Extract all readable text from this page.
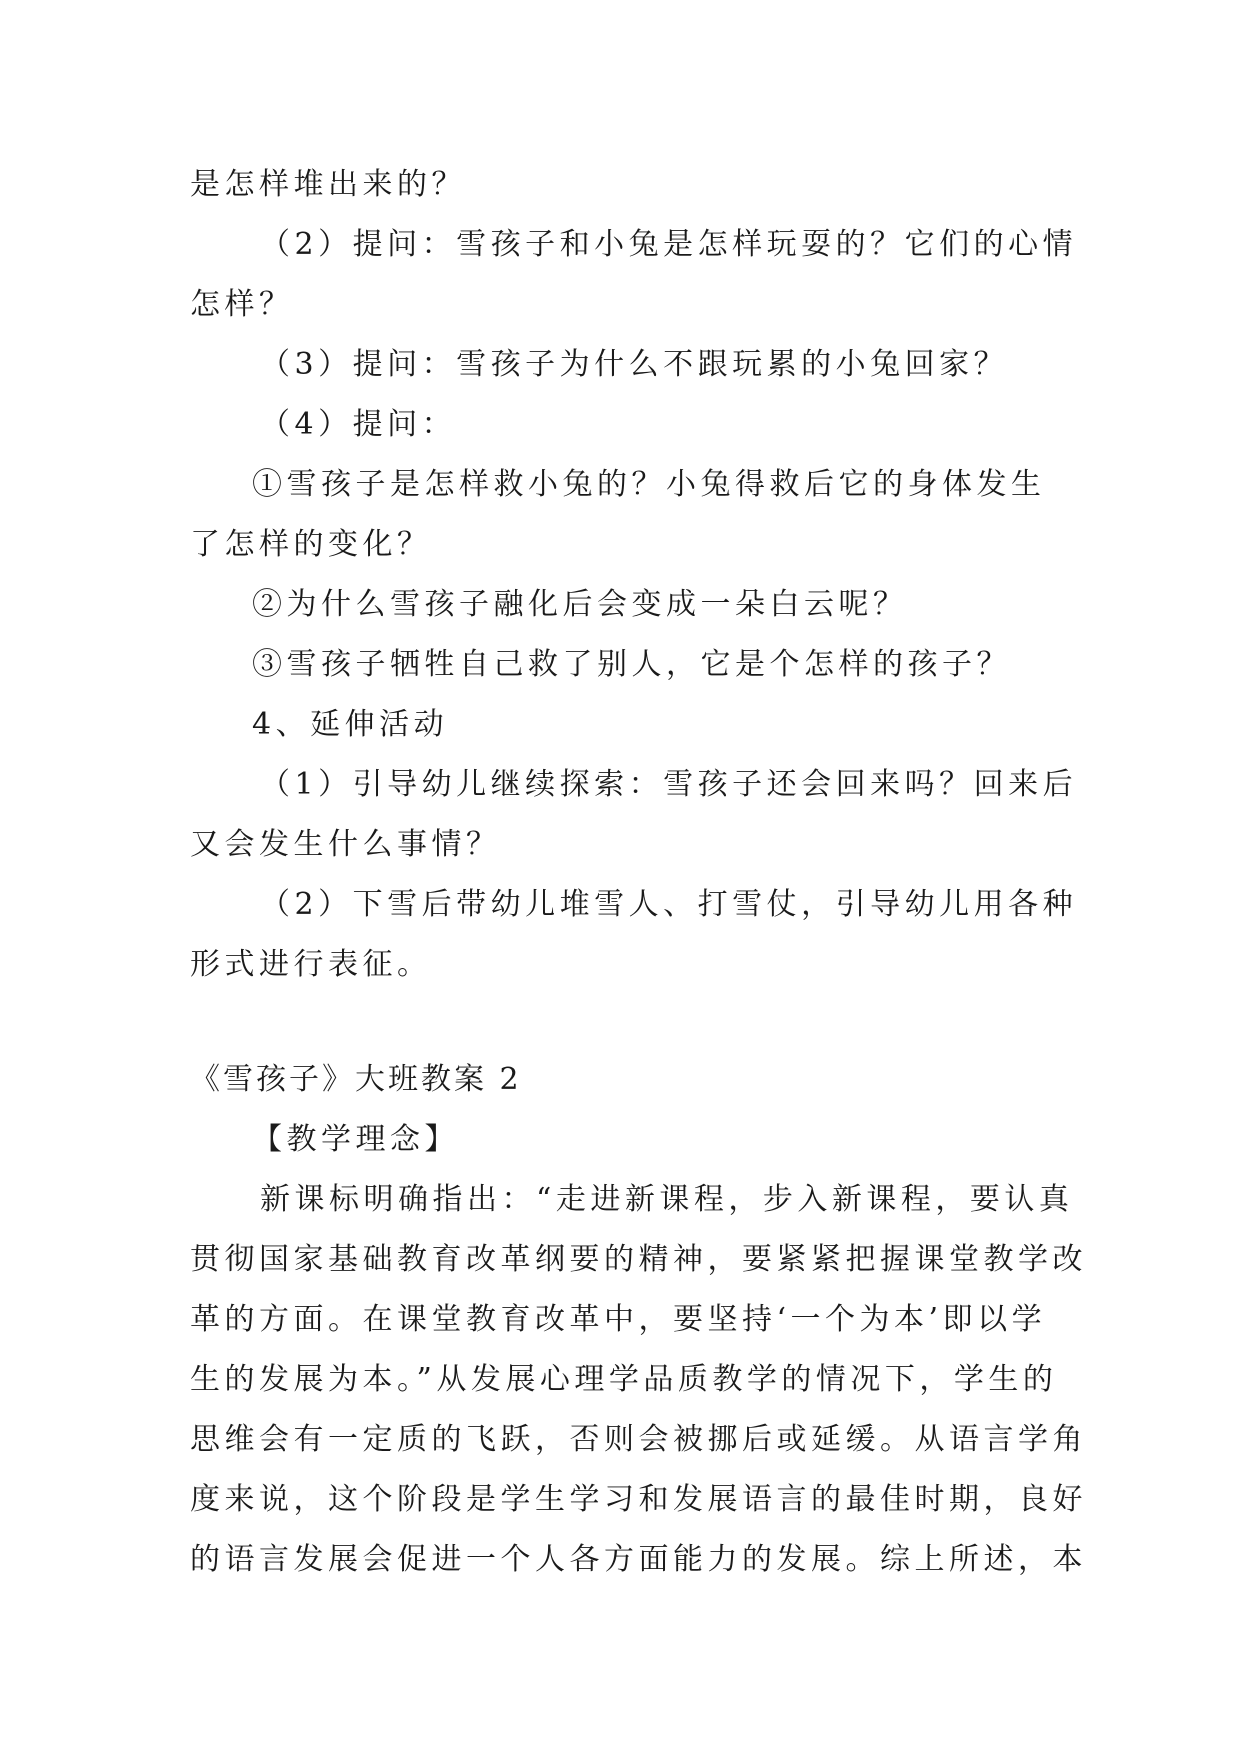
是怎样堆出来的？
（2）提问：雪孩子和小兔是怎样玩耍的？它们的心情
怎样？
（3）提问：雪孩子为什么不跟玩累的小兔回家？
（4）提问：
①雪孩子是怎样救小兔的？小兔得救后它的身体发生
了怎样的变化？
②为什么雪孩子融化后会变成一朵白云呢？
③雪孩子牺牲自己救了别人，它是个怎样的孩子？
4、延伸活动
（1）引导幼儿继续探索：雪孩子还会回来吗？回来后
又会发生什么事情？
（2）下雪后带幼儿堆雪人、打雪仗，引导幼儿用各种
形式进行表征。
《雪孩子》大班教案 2
【教学理念】
新课标明确指出：“走进新课程，步入新课程，要认真
贯彻国家基础教育改革纲要的精神，要紧紧把握课堂教学改
革的方面。在课堂教育改革中，要坚持‘一个为本’即以学
生的发展为本。”从发展心理学品质教学的情况下，学生的
思维会有一定质的飞跃，否则会被挪后或延缓。从语言学角
度来说，这个阶段是学生学习和发展语言的最佳时期，良好
的语言发展会促进一个人各方面能力的发展。综上所述，本
